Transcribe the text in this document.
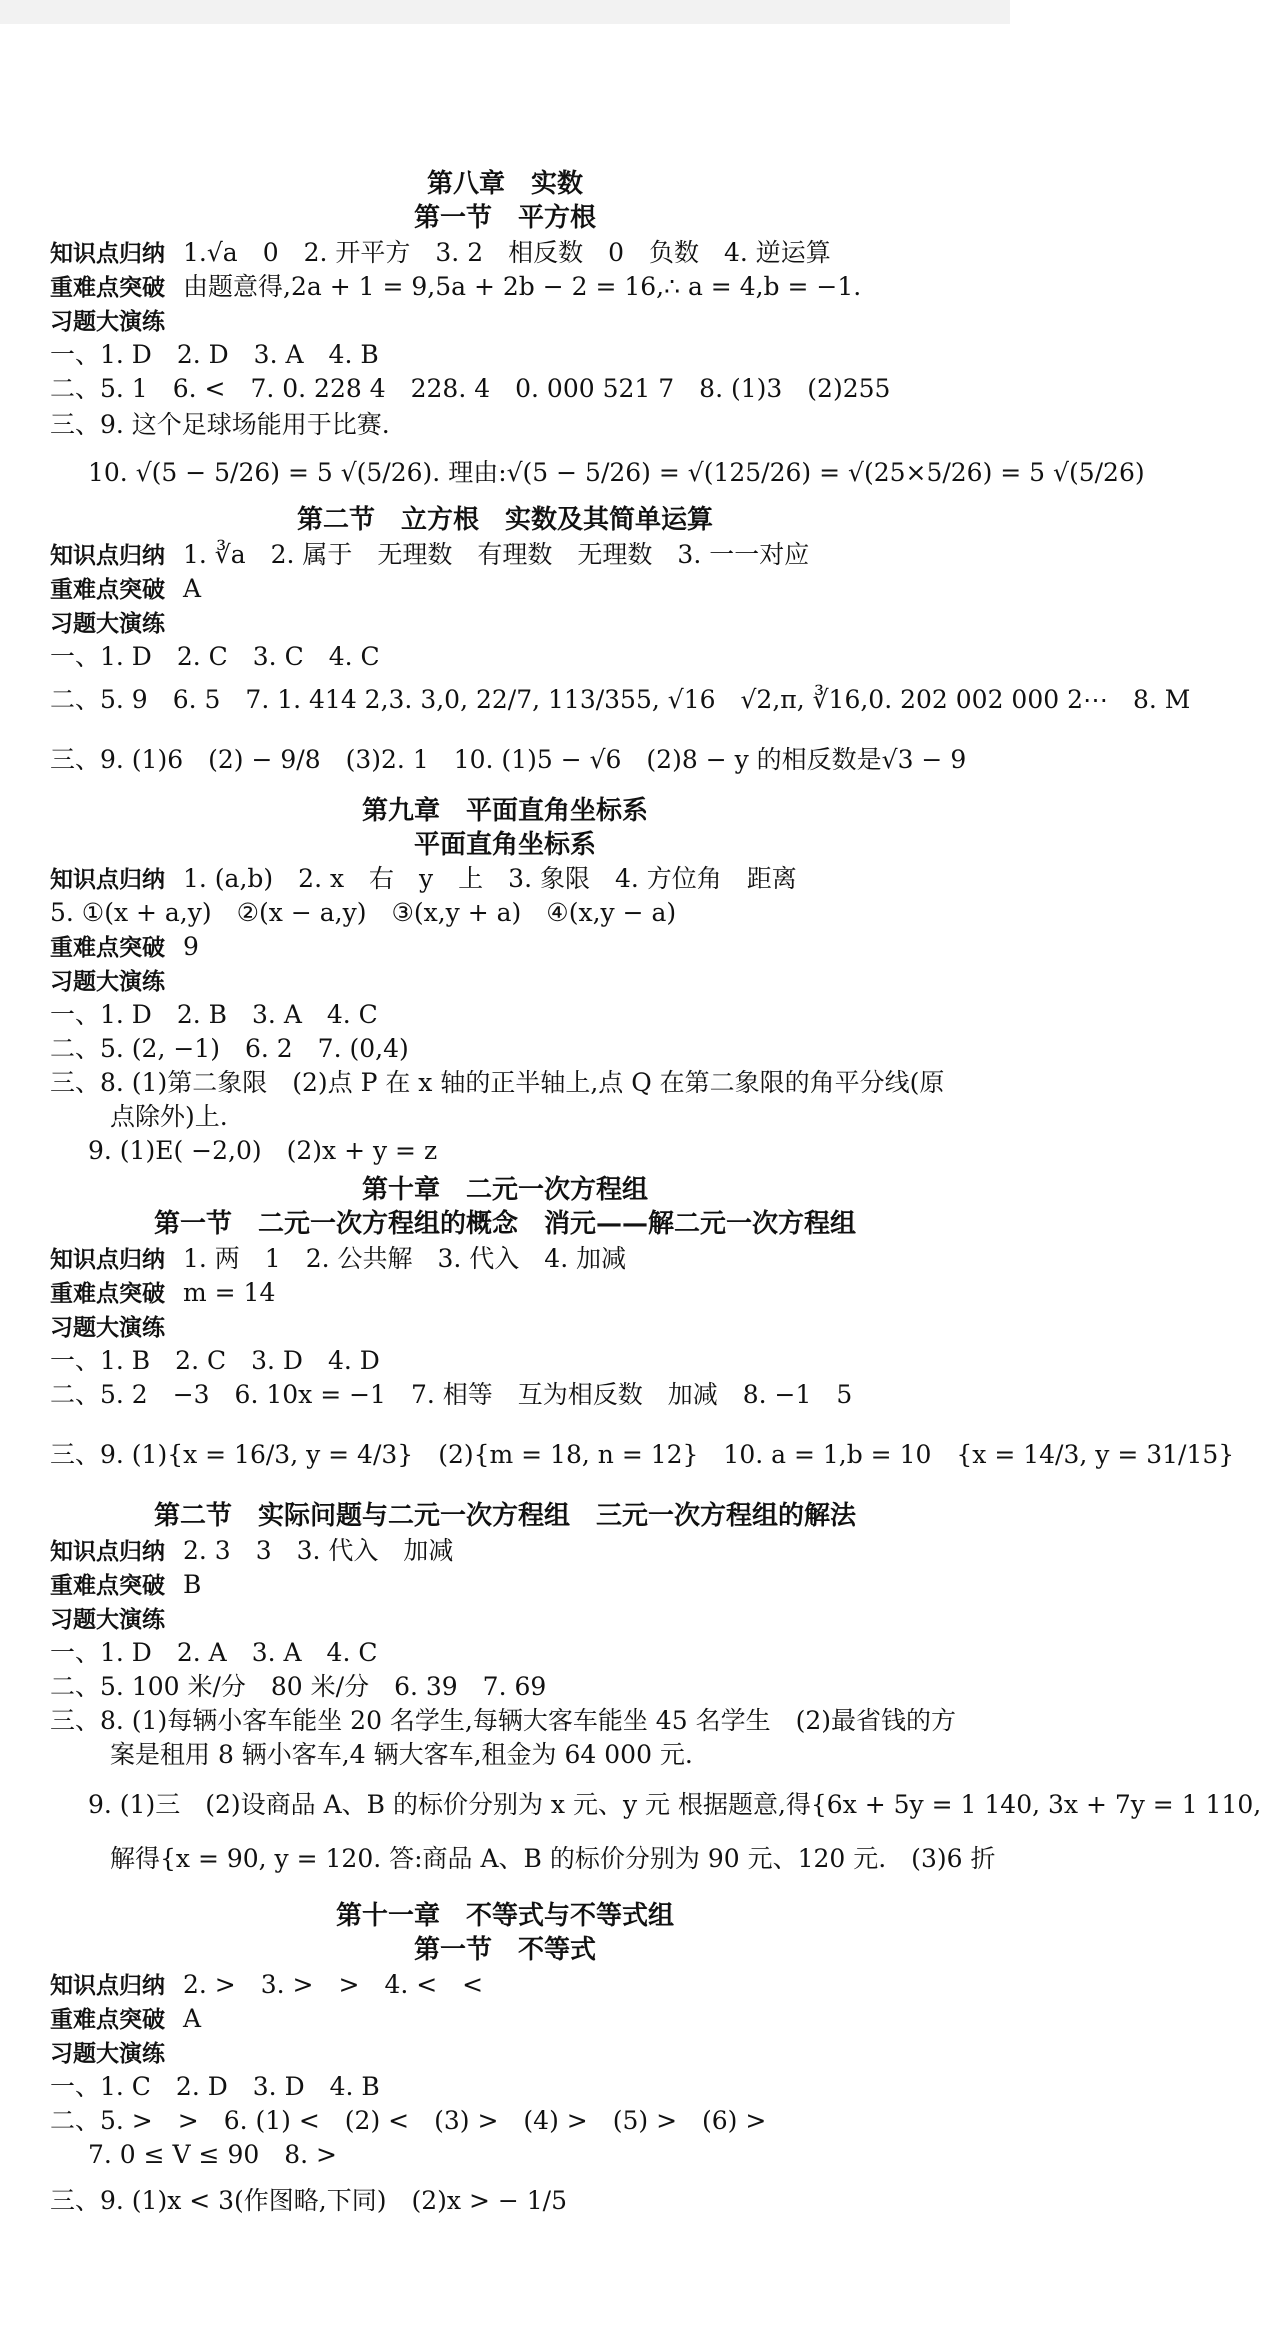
第八章　实数
第一节　平方根
知识点归纳 1.√a　0　2. 开平方　3. 2　相反数　0　负数　4. 逆运算
重难点突破 由题意得,2a + 1 = 9,5a + 2b − 2 = 16,∴ a = 4,b = −1.
习题大演练
一、1. D　2. D　3. A　4. B
二、5. 1　6. <　7. 0. 228 4　228. 4　0. 000 521 7　8. (1)3　(2)255
三、9. 这个足球场能用于比赛.
10. √(5 − 5/26) = 5 √(5/26). 理由:√(5 − 5/26) = √(125/26) = √(25×5/26) = 5 √(5/26)
第二节　立方根　实数及其简单运算
知识点归纳 1. ∛a　2. 属于　无理数　有理数　无理数　3. 一一对应
重难点突破 A
习题大演练
一、1. D　2. C　3. C　4. C
二、5. 9　6. 5　7. 1. 414 2,3. 3,0, 22/7, 113/355, √16　√2,π, ∛16,0. 202 002 000 2⋯　8. M
三、9. (1)6　(2) − 9/8　(3)2. 1　10. (1)5 − √6　(2)8 − y 的相反数是√3 − 9
第九章　平面直角坐标系
平面直角坐标系
知识点归纳 1. (a,b)　2. x　右　y　上　3. 象限　4. 方位角　距离
5. ①(x + a,y)　②(x − a,y)　③(x,y + a)　④(x,y − a)
重难点突破 9
习题大演练
一、1. D　2. B　3. A　4. C
二、5. (2, −1)　6. 2　7. (0,4)
三、8. (1)第二象限　(2)点 P 在 x 轴的正半轴上,点 Q 在第二象限的角平分线(原
点除外)上.
9. (1)E( −2,0)　(2)x + y = z
第十章　二元一次方程组
第一节　二元一次方程组的概念　消元——解二元一次方程组
知识点归纳 1. 两　1　2. 公共解　3. 代入　4. 加减
重难点突破 m = 14
习题大演练
一、1. B　2. C　3. D　4. D
二、5. 2　−3　6. 10x = −1　7. 相等　互为相反数　加减　8. −1　5
三、9. (1){x = 16/3, y = 4/3}　(2){m = 18, n = 12}　10. a = 1,b = 10　{x = 14/3, y = 31/15}
第二节　实际问题与二元一次方程组　三元一次方程组的解法
知识点归纳 2. 3　3　3. 代入　加减
重难点突破 B
习题大演练
一、1. D　2. A　3. A　4. C
二、5. 100 米/分　80 米/分　6. 39　7. 69
三、8. (1)每辆小客车能坐 20 名学生,每辆大客车能坐 45 名学生　(2)最省钱的方
案是租用 8 辆小客车,4 辆大客车,租金为 64 000 元.
9. (1)三　(2)设商品 A、B 的标价分别为 x 元、y 元 根据题意,得{6x + 5y = 1 140, 3x + 7y = 1 110,
解得{x = 90, y = 120. 答:商品 A、B 的标价分别为 90 元、120 元.　(3)6 折
第十一章　不等式与不等式组
第一节　不等式
知识点归纳 2. >　3. >　>　4. <　<
重难点突破 A
习题大演练
一、1. C　2. D　3. D　4. B
二、5. >　>　6. (1) <　(2) <　(3) >　(4) >　(5) >　(6) >
7. 0 ≤ V ≤ 90　8. >
三、9. (1)x < 3(作图略,下同)　(2)x > − 1/5
